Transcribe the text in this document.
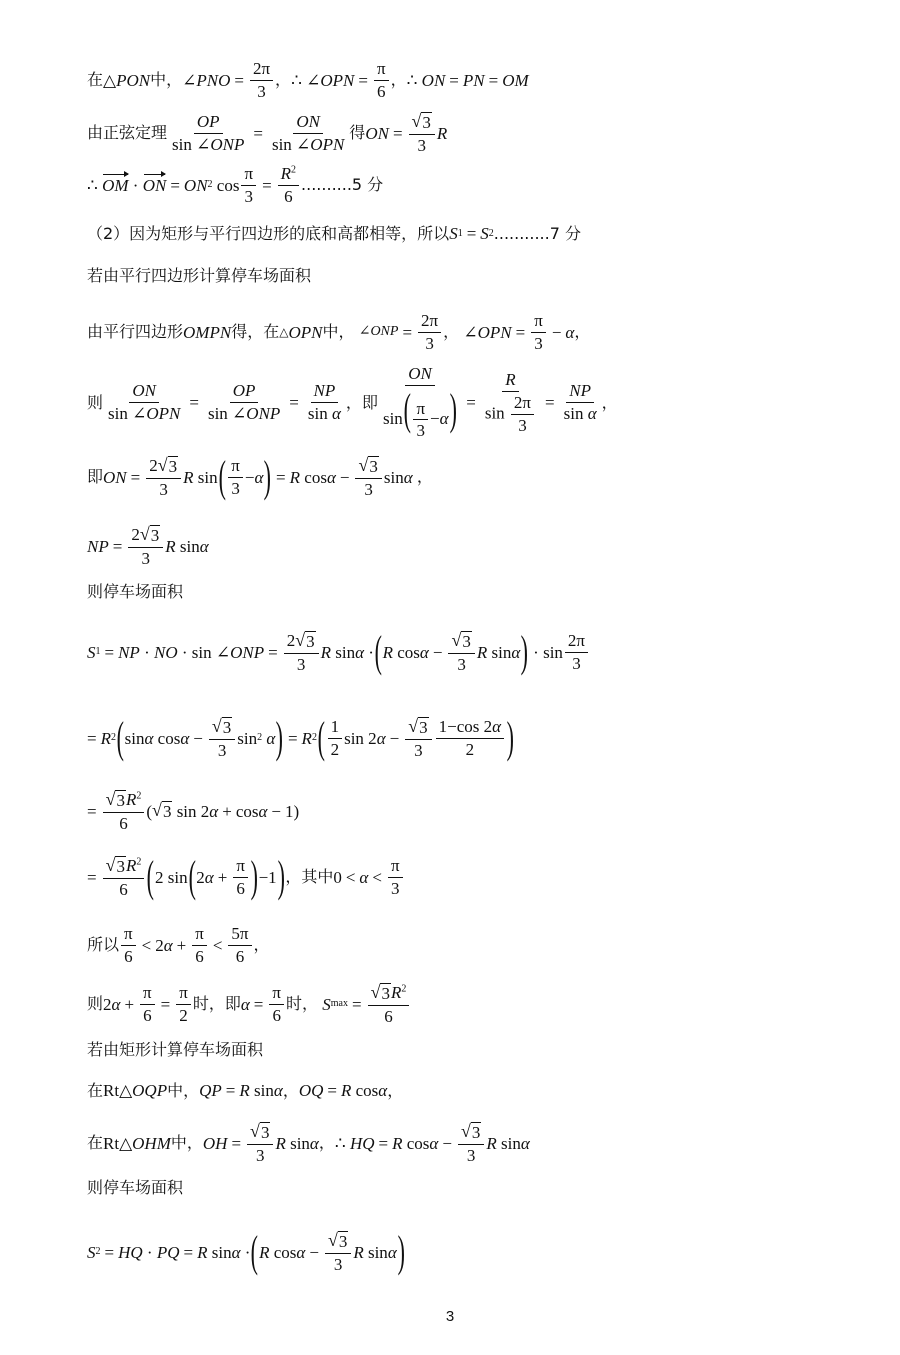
在 △ PON 中， ∠ PNO = $\frac{2\pi}{3}$ ， ∴
∠ OPN = $\frac{\pi}{6}$ ， ∴
ON = PN = OM
由正弦定理 $\frac{OP}{\text{sin ∠ONP}} = \frac{ON}{\text{sin ∠OPN}}$ 得 ON = $\frac{√ 3}{3}$ R
∴
OM · ON = ON 2 $\cos \frac{\pi}{3} = \frac{R^2}{6} ..........5$ 分
（2）因为矩形与平行四边形的底和高都相等，所以 S 1 = S 2 ...........7 分
若由平行四边形计算停车场面积
由平行四边形 OMPN 得，在 △ OPN 中，
∠ONP = $\frac{2\pi}{3}$ ，
∠ OPN = $\frac{\pi}{3} - \alpha$ ，
则 $\frac{ON}{\text{sin ∠OPN}} = \frac{OP}{\text{sin ∠ONP}} = \frac{NP}{\text{sin α}}$ ， 即 $\frac{ON}{\sin( \frac{\pi}{3} -\alpha)} = \frac{R}{\sin \frac{2\pi}{3}} = \frac{NP}{\text{sin α}}$ ，
即 ON = $\frac{2 √ 3}{3}$ R sin ( $\frac{\pi}{3} - \alpha$ ) = R $\cos \alpha - \frac{√ 3}{3}$ sin α
，
NP = $\frac{2 √ 3}{3}$ R sin α
则停车场面积
S 1 = NP · NO · sin ∠ ONP = $\frac{2 √ 3}{3}$ R sin α · ( R $\cos \alpha - \frac{√ 3}{3}$ R sin α ) · $\sin \frac{2\pi}{3}$
= R 2 ( sin α $\cos \alpha - \frac{√ 3}{3}$ sin 2
α ) = R 2 ( $\frac{1}{2}$ sin 2 $\alpha - \frac{√ 3}{3} \frac{1-\cos 2\alpha}{2}$ )
= $\frac{√ 3 R^2}{6}$ ( √ 3 sin 2 α + cos α − 1)
= $\frac{√ 3 R^2}{6}$ ( 2 sin ( 2 $\alpha + \frac{\pi}{6}$ ) −1 ) ，其中 $0 < \alpha < \frac{\pi}{3}$
所以 $\frac{\pi}{6} < 2$ $\alpha + \frac{\pi}{6} < \frac{5\pi}{6}$ ，
则 2 $\alpha + \frac{\pi}{6} = \frac{\pi}{2}$ 时， 即 $\alpha = \frac{\pi}{6}$ 时，
S $\max = \frac{√ 3 R^2}{6}$
若由矩形计算停车场面积
在 Rt △ OQP 中， QP = R sin α ， OQ = R cos α ，
在 Rt △ OHM 中， OH = $\frac{√ 3}{3}$ R sin α ， ∴
HQ = R $\cos \alpha - \frac{√ 3}{3}$ R sin α
则停车场面积
S 2 = HQ · PQ = R sin α · ( R $\cos \alpha - \frac{√ 3}{3}$ R sin α )
3
